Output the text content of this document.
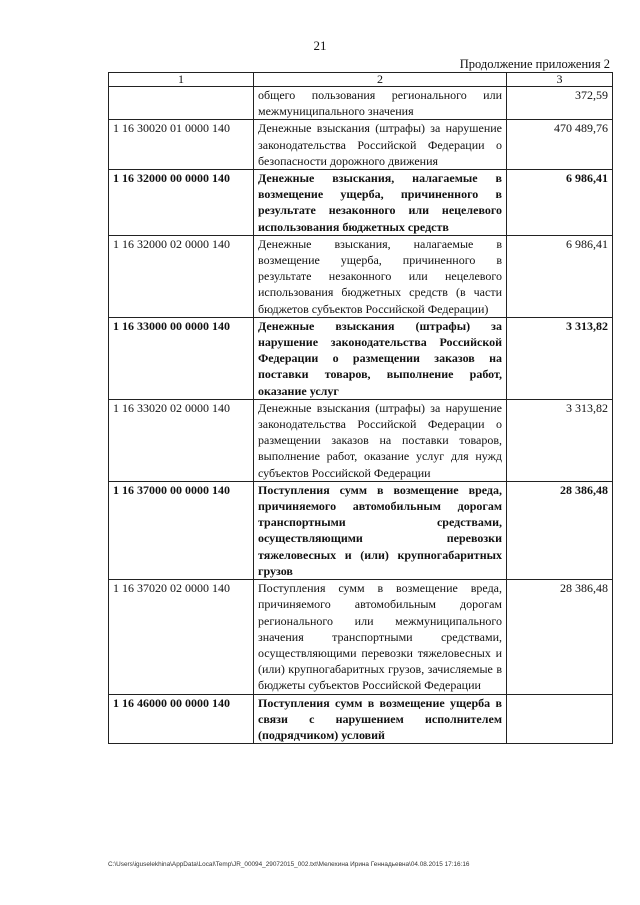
21
Продолжение приложения 2
1	2	3
	общего пользования регионального или межмуниципального значения	372,59
1 16 30020 01 0000 140	Денежные взыскания (штрафы) за нарушение законодательства Российской Федерации о безопасности дорожного движения	470 489,76
1 16 32000 00 0000 140	Денежные взыскания, налагаемые в возмещение ущерба, причиненного в результате незаконного или нецелевого использования бюджетных средств	6 986,41
1 16 32000 02 0000 140	Денежные взыскания, налагаемые в возмещение ущерба, причиненного в результате незаконного или нецелевого использования бюджетных средств (в части бюджетов субъектов Российской Федерации)	6 986,41
1 16 33000 00 0000 140	Денежные взыскания (штрафы) за нарушение законодательства Российской Федерации о размещении заказов на поставки товаров, выполнение работ, оказание услуг	3 313,82
1 16 33020 02 0000 140	Денежные взыскания (штрафы) за нарушение законодательства Российской Федерации о размещении заказов на поставки товаров, выполнение работ, оказание услуг для нужд субъектов Российской Федерации	3 313,82
1 16 37000 00 0000 140	Поступления сумм в возмещение вреда, причиняемого автомобильным дорогам транспортными средствами, осуществляющими перевозки тяжеловесных и (или) крупногабаритных грузов	28 386,48
1 16 37020 02 0000 140	Поступления сумм в возмещение вреда, причиняемого автомобильным дорогам регионального или межмуниципального значения транспортными средствами, осуществляющими перевозки тяжеловесных и (или) крупногабаритных грузов, зачисляемые в бюджеты субъектов Российской Федерации	28 386,48
1 16 46000 00 0000 140	Поступления сумм в возмещение ущерба в связи с нарушением исполнителем (подрядчиком) условий	
C:\Users\iguselekhina\AppData\Local\Temp\JR_00094_29072015_002.txt\Мелехина Ирина Геннадьевна\04.08.2015 17:16:16
